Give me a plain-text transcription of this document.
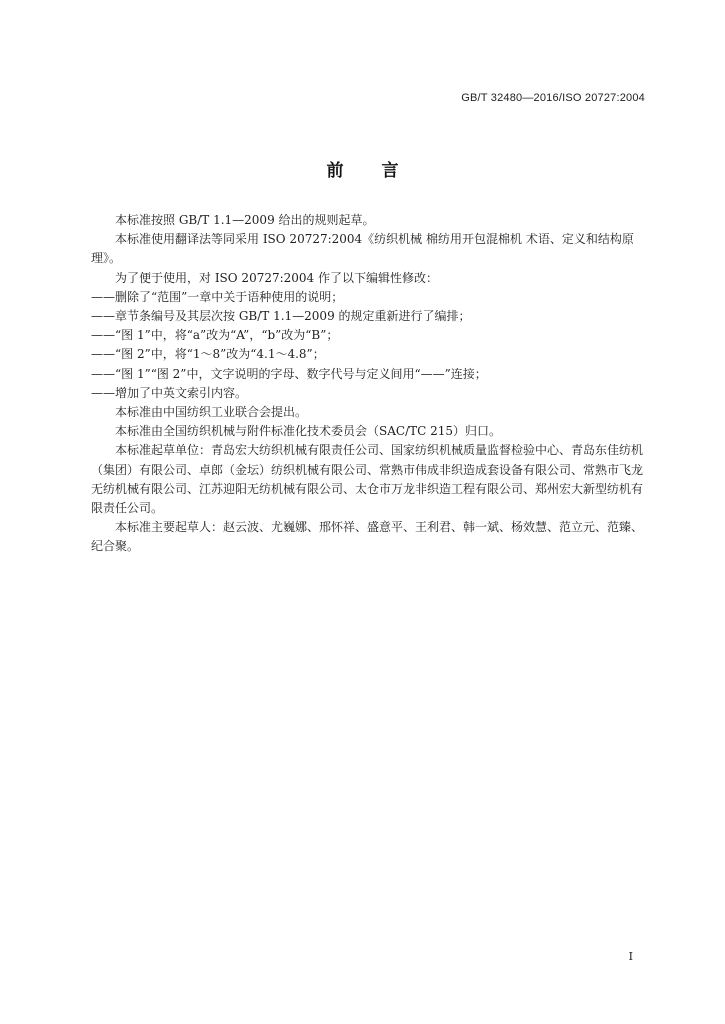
GB/T 32480—2016/ISO 20727:2004
前言

本标准按照 GB/T 1.1—2009 给出的规则起草。

本标准使用翻译法等同采用 ISO 20727:2004《纺织机械 棉纺用开包混棉机 术语、定义和结构原理》。

为了便于使用，对 ISO 20727:2004 作了以下编辑性修改：

——删除了“范围”一章中关于语种使用的说明；

——章节条编号及其层次按 GB/T 1.1—2009 的规定重新进行了编排；

——“图 1”中，将“a”改为“A”，“b”改为“B”；

——“图 2”中，将“1～8”改为“4.1～4.8”；

——“图 1”“图 2”中，文字说明的字母、数字代号与定义间用“——”连接；

——增加了中英文索引内容。

本标准由中国纺织工业联合会提出。

本标准由全国纺织机械与附件标准化技术委员会（SAC/TC 215）归口。

本标准起草单位：青岛宏大纺织机械有限责任公司、国家纺织机械质量监督检验中心、青岛东佳纺机（集团）有限公司、卓郎（金坛）纺织机械有限公司、常熟市伟成非织造成套设备有限公司、常熟市飞龙无纺机械有限公司、江苏迎阳无纺机械有限公司、太仓市万龙非织造工程有限公司、郑州宏大新型纺机有限责任公司。

本标准主要起草人：赵云波、尤巍娜、邢怀祥、盛意平、王利君、韩一斌、杨效慧、范立元、范臻、纪合聚。

I
